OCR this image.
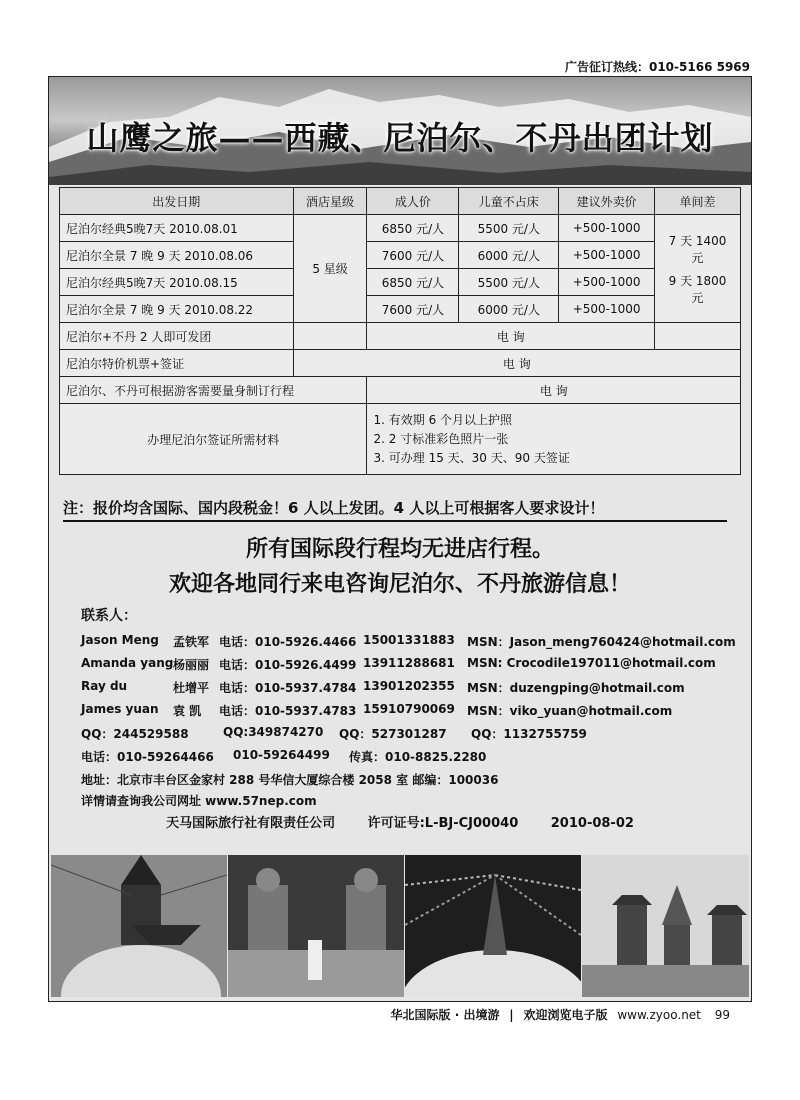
广告征订热线：010-5166 5969
山鹰之旅——西藏、尼泊尔、不丹出团计划
出发日期	酒店星级	成人价	儿童不占床	建议外卖价	单间差
尼泊尔经典5晚7天 2010.08.01	5 星级	6850 元/人	5500 元/人	+500-1000	7 天 1400 元
9 天 1800 元

尼泊尔全景 7 晚 9 天 2010.08.06		7600 元/人	6000 元/人	+500-1000	
尼泊尔经典5晚7天 2010.08.15		6850 元/人	5500 元/人	+500-1000	
尼泊尔全景 7 晚 9 天 2010.08.22		7600 元/人	6000 元/人	+500-1000	
尼泊尔+不丹 2 人即可发团		电 询			
尼泊尔特价机票+签证	电 询				
尼泊尔、不丹可根据游客需要量身制订行程		电 询			
办理尼泊尔签证所需材料		1. 有效期 6 个月以上护照
2. 2 寸标准彩色照片一张
3. 可办理 15 天、30 天、90 天签证			
注：报价均含国际、国内段税金！6 人以上发团。4 人以上可根据客人要求设计！
所有国际段行程均无进店行程。
欢迎各地同行来电咨询尼泊尔、不丹旅游信息！
联系人：
Jason Meng 孟铁军 电话：010-5926.4466 15001331883 MSN：Jason_meng760424@hotmail.com
Amanda yang 杨丽丽 电话：010-5926.4499 13911288681 MSN: Crocodile197011@hotmail.com
Ray du	杜增平 电话：010-5937.4784 13901202355 MSN：duzengping@hotmail.com
James yuan 袁 凯 电话：010-5937.4783 15910790069 MSN：viko_yuan@hotmail.com
QQ：244529588	QQ:349874270 QQ：527301287 QQ：1132755759
电话：010-59264466 010-59264499 传真：010-8825.2280
地址：北京市丰台区金家村 288 号华信大厦综合楼 2058 室 邮编：100036
详情请查询我公司网址 www.57nep.com
天马国际旅行社有限责任公司	许可证号:L-BJ-CJ00040	2010-08-02
华北国际版 · 出境游 | 欢迎浏览电子版 www.zyoo.net 99
